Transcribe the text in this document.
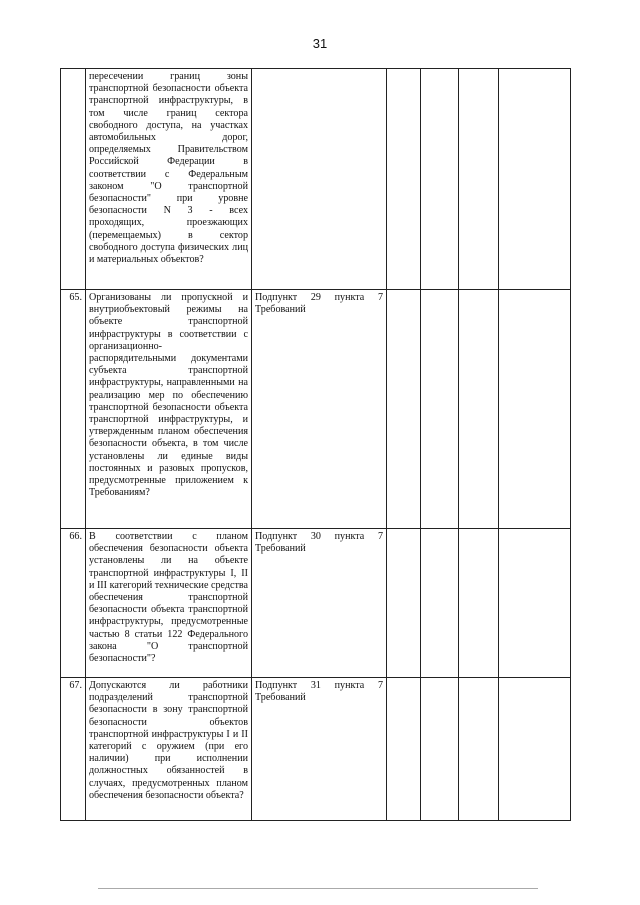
31
	пересечении границ зоны транспортной безопасности объекта транспортной инфраструктуры, в том числе границ сектора свободного доступа, на участках автомобильных дорог, определяемых Правительством Российской Федерации в соответствии с Федеральным законом "О транспортной безопасности" при уровне безопасности N 3 - всех проходящих, проезжающих (перемещаемых) в сектор свободного доступа физических лиц и материальных объектов?					
65.	Организованы ли пропускной и внутриобъектовый режимы на объекте транспортной инфраструктуры в соответствии с организационно-распорядительными документами субъекта транспортной инфраструктуры, направленными на реализацию мер по обеспечению транспортной безопасности объекта транспортной инфраструктуры, и утвержденным планом обеспечения безопасности объекта, в том числе установлены ли единые виды постоянных и разовых пропусков, предусмотренные приложением к Требованиям?	Подпункт 29 пункта 7 Требований				
66.	В соответствии с планом обеспечения безопасности объекта установлены ли на объекте транспортной инфраструктуры I, II и III категорий технические средства обеспечения транспортной безопасности объекта транспортной инфраструктуры, предусмотренные частью 8 статьи 122 Федерального закона "О транспортной безопасности"?	Подпункт 30 пункта 7 Требований				
67.	Допускаются ли работники подразделений транспортной безопасности в зону транспортной безопасности объектов транспортной инфраструктуры I и II категорий с оружием (при его наличии) при исполнении должностных обязанностей в случаях, предусмотренных планом обеспечения безопасности объекта?	Подпункт 31 пункта 7 Требований				
